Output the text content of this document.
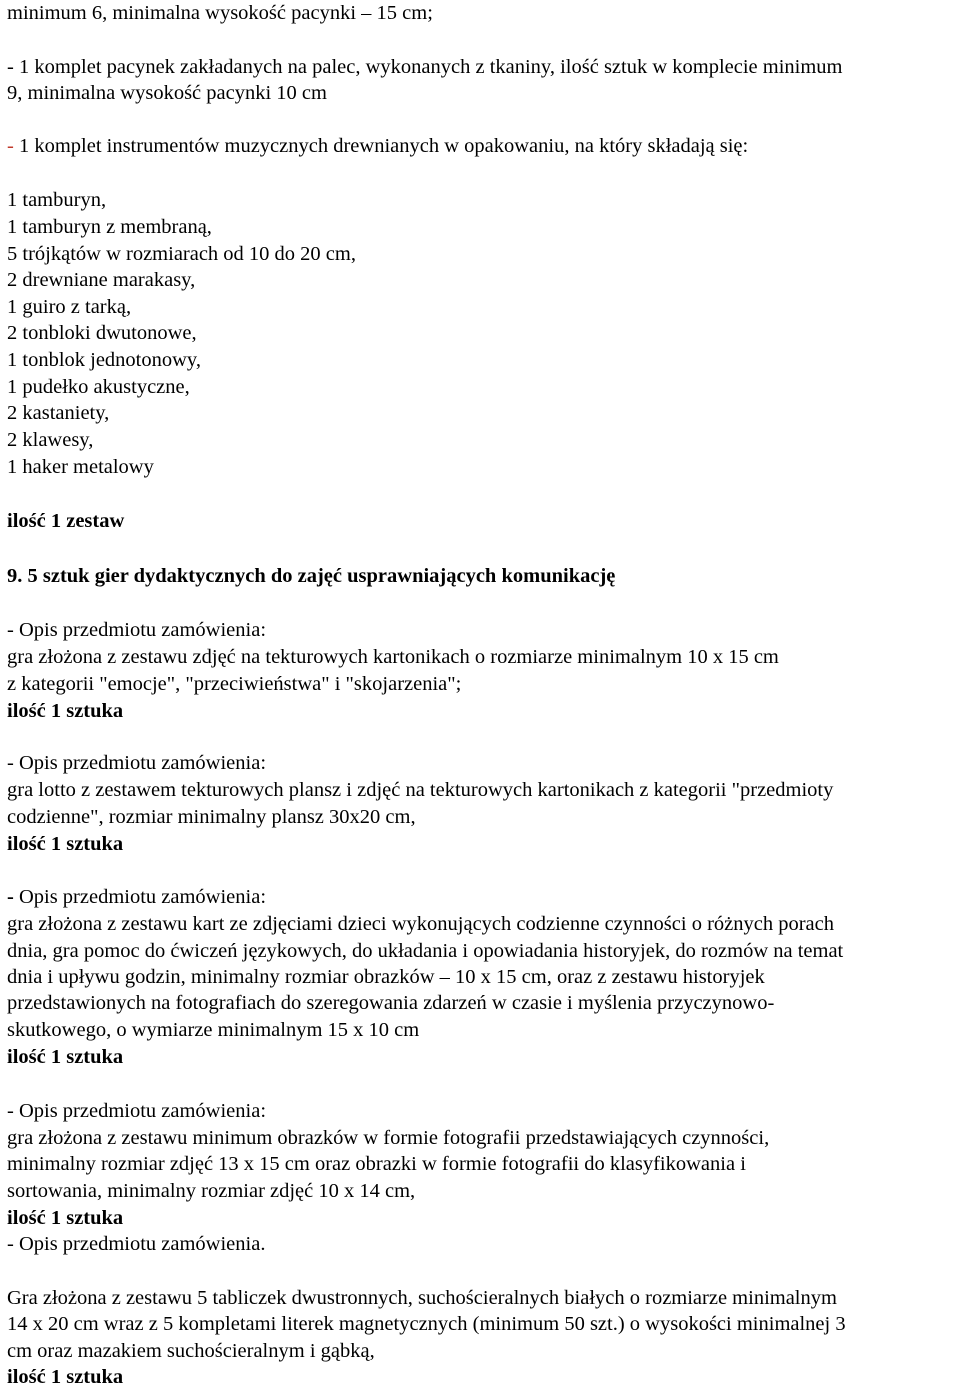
minimum 6, minimalna wysokość pacynki – 15 cm;
- 1 komplet pacynek zakładanych na palec, wykonanych z tkaniny, ilość sztuk w komplecie minimum
9, minimalna wysokość pacynki 10 cm
- 1 komplet instrumentów muzycznych drewnianych w opakowaniu, na który składają się:
1 tamburyn,
1 tamburyn z membraną,
5 trójkątów w rozmiarach od 10 do 20 cm,
2 drewniane marakasy,
1 guiro z tarką,
2 tonbloki dwutonowe,
1 tonblok jednotonowy,
1 pudełko akustyczne,
2 kastaniety,
2 klawesy,
1 haker metalowy
ilość 1 zestaw
9. 5 sztuk gier dydaktycznych do zajęć usprawniających komunikację
- Opis przedmiotu zamówienia:
gra złożona z zestawu zdjęć na tekturowych kartonikach o rozmiarze minimalnym 10 x 15 cm
z kategorii "emocje", "przeciwieństwa" i "skojarzenia";
ilość 1 sztuka
- Opis przedmiotu zamówienia:
gra lotto z zestawem tekturowych plansz i zdjęć na tekturowych kartonikach z kategorii "przedmioty
codzienne", rozmiar minimalny plansz 30x20 cm,
ilość 1 sztuka
- Opis przedmiotu zamówienia:
gra złożona z zestawu kart ze zdjęciami dzieci wykonujących codzienne czynności o różnych porach
dnia, gra pomoc do ćwiczeń językowych, do układania i opowiadania historyjek, do rozmów na temat
dnia i upływu godzin, minimalny rozmiar obrazków – 10 x 15 cm, oraz z zestawu historyjek
przedstawionych na fotografiach do szeregowania zdarzeń w czasie i myślenia przyczynowo-
skutkowego, o wymiarze minimalnym 15 x 10 cm
ilość 1 sztuka
- Opis przedmiotu zamówienia:
gra złożona z zestawu minimum obrazków w formie fotografii przedstawiających czynności,
minimalny rozmiar zdjęć 13 x 15 cm oraz obrazki w formie fotografii do klasyfikowania i
sortowania, minimalny rozmiar zdjęć 10 x 14 cm,
ilość 1 sztuka
- Opis przedmiotu zamówienia.
Gra złożona z zestawu 5 tabliczek dwustronnych, suchościeralnych białych o rozmiarze minimalnym
14 x 20 cm wraz z 5 kompletami literek magnetycznych (minimum 50 szt.) o wysokości minimalnej 3
cm oraz mazakiem suchościeralnym i gąbką,
ilość 1 sztuka
